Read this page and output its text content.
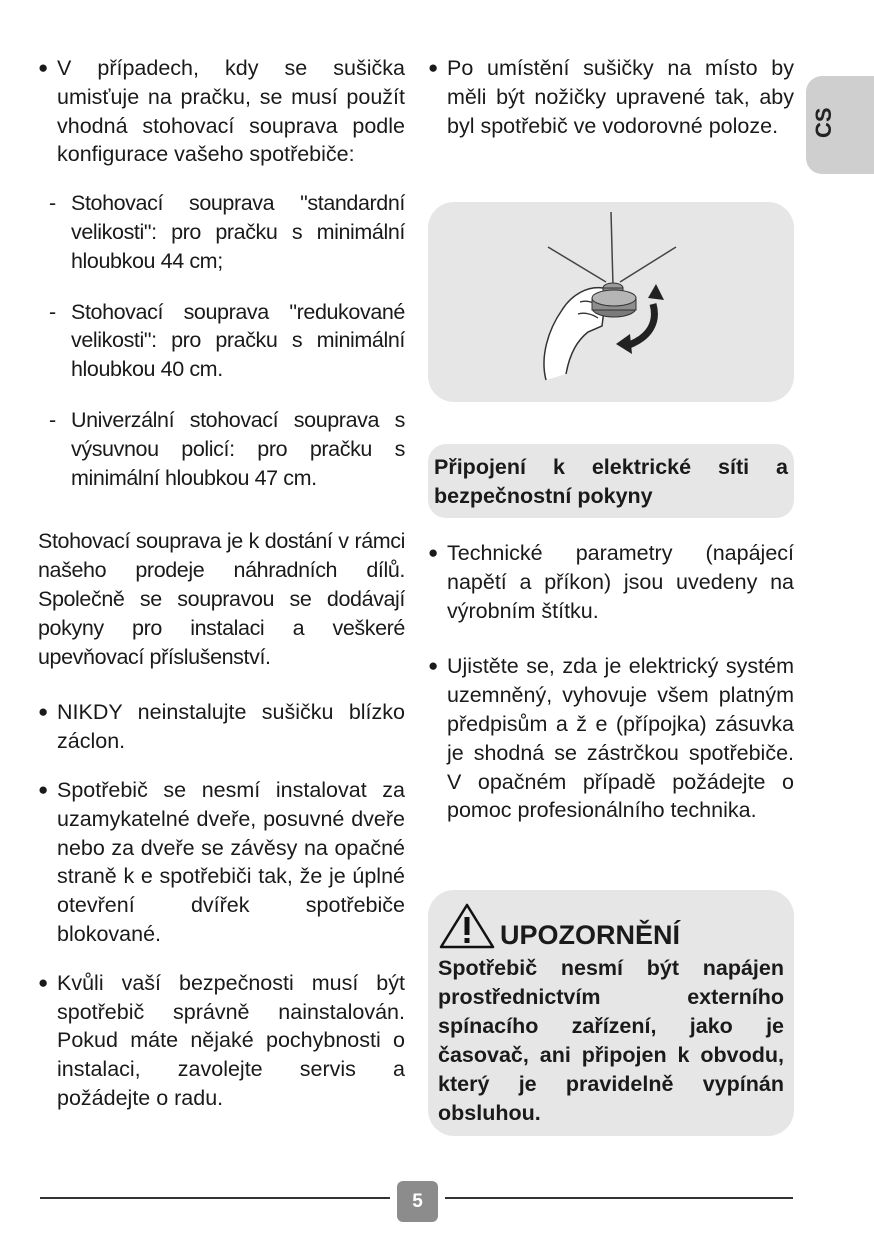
CS

● V případech, kdy se sušička umisťuje na pračku, se musí použít vhodná stohovací souprava podle konfigurace vašeho spotřebiče:

- Stohovací souprava "standardní velikosti": pro pračku s minimální hloubkou 44 cm;

- Stohovací souprava "redukované velikosti": pro pračku s minimální hloubkou 40 cm.

- Univerzální stohovací souprava s výsuvnou policí: pro pračku s minimální hloubkou 47 cm.

Stohovací souprava je k dostání v rámci našeho prodeje náhradních dílů. Společně se soupravou se dodávají pokyny pro instalaci a veškeré upevňovací příslušenství.

● NIKDY neinstalujte sušičku blízko záclon.

● Spotřebič se nesmí instalovat za uzamykatelné dveře, posuvné dveře nebo za dveře se závěsy na opačné straně k e spotřebiči tak, že je úplné otevření dvířek spotřebiče blokované.

● Kvůli vaší bezpečnosti musí být spotřebič správně nainstalován. Pokud máte nějaké pochybnosti o instalaci, zavolejte servis a požádejte o radu.

● Po umístění sušičky na místo by měli být nožičky upravené tak, aby byl spotřebič ve vodorovné poloze.

Připojení k elektrické síti a bezpečnostní pokyny

● Technické parametry (napájecí napětí a příkon) jsou uvedeny na výrobním štítku.

● Ujistěte se, zda je elektrický systém uzemněný, vyhovuje všem platným předpisům a ž e (přípojka) zásuvka je shodná se zástrčkou spotřebiče. V opačném případě požádejte o pomoc profesionálního technika.

UPOZORNĚNÍ
Spotřebič nesmí být napájen prostřednictvím externího spínacího zařízení, jako je časovač, ani připojen k obvodu, který je pravidelně vypínán obsluhou.
5
